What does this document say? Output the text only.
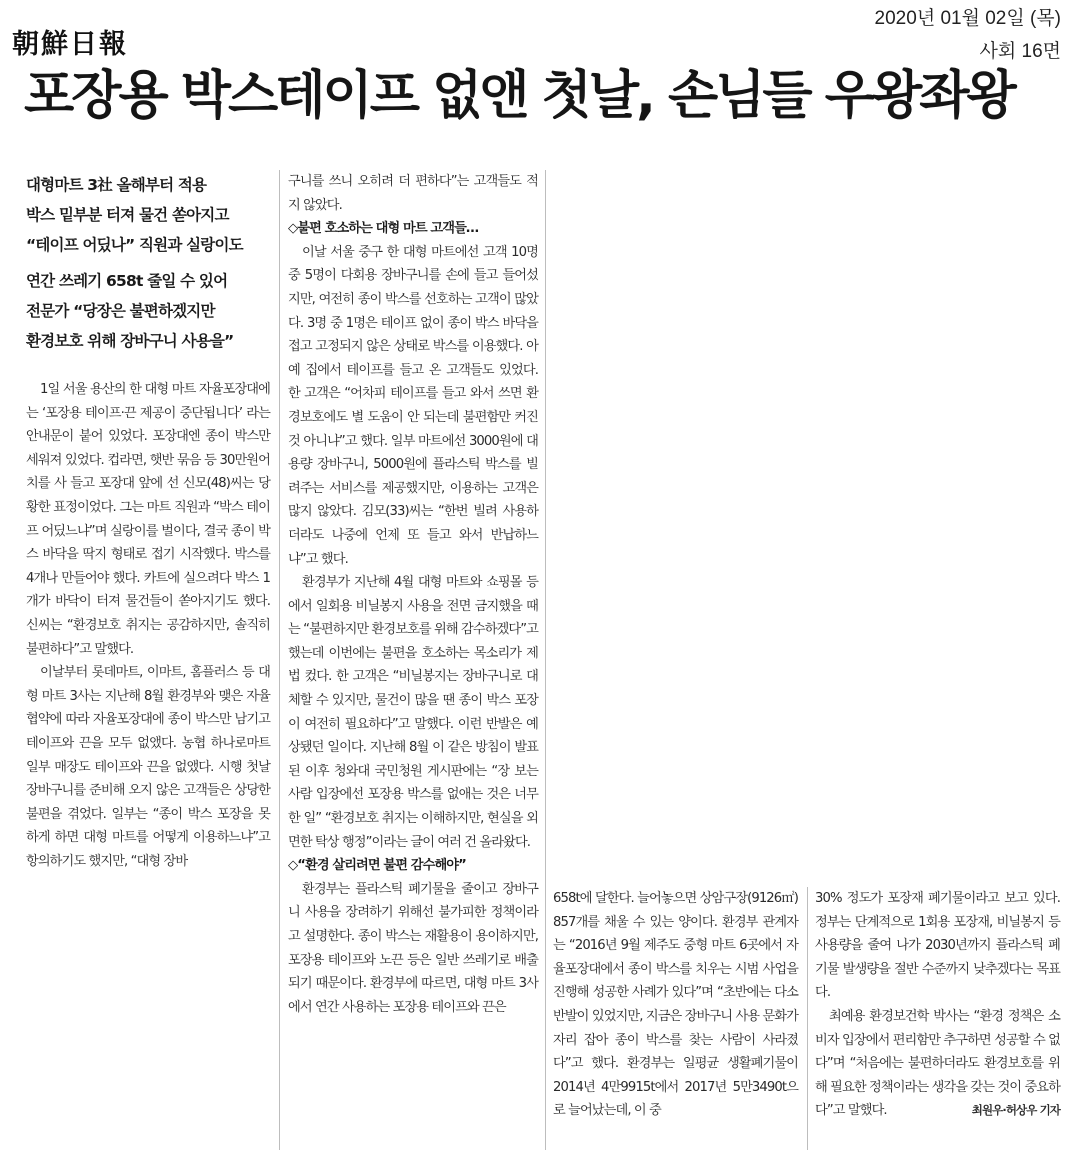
朝鮮日報
2020년 01월 02일 (목)
사회 16면
포장용 박스테이프 없앤 첫날, 손님들 우왕좌왕
대형마트 3社 올해부터 적용
박스 밑부분 터져 물건 쏟아지고
“테이프 어딨나” 직원과 실랑이도
연간 쓰레기 658t 줄일 수 있어
전문가 “당장은 불편하겠지만
환경보호 위해 장바구니 사용을”

1일 서울 용산의 한 대형 마트 자율포장대에는 ‘포장용 테이프·끈 제공이 중단됩니다’ 라는 안내문이 붙어 있었다. 포장대엔 종이 박스만 세워져 있었다. 컵라면, 햇반 묶음 등 30만원어치를 사 들고 포장대 앞에 선 신모(48)씨는 당황한 표정이었다. 그는 마트 직원과 “박스 테이프 어딨느냐”며 실랑이를 벌이다, 결국 종이 박스 바닥을 딱지 형태로 접기 시작했다. 박스를 4개나 만들어야 했다. 카트에 실으려다 박스 1개가 바닥이 터져 물건들이 쏟아지기도 했다. 신씨는 “환경보호 취지는 공감하지만, 솔직히 불편하다”고 말했다.

이날부터 롯데마트, 이마트, 홈플러스 등 대형 마트 3사는 지난해 8월 환경부와 맺은 자율협약에 따라 자율포장대에 종이 박스만 남기고 테이프와 끈을 모두 없앴다. 농협 하나로마트 일부 매장도 테이프와 끈을 없앴다. 시행 첫날 장바구니를 준비해 오지 않은 고객들은 상당한 불편을 겪었다. 일부는 “종이 박스 포장을 못 하게 하면 대형 마트를 어떻게 이용하느냐”고 항의하기도 했지만, “대형 장바

구니를 쓰니 오히려 더 편하다”는 고객들도 적지 않았다.

◇불편 호소하는 대형 마트 고객들…

이날 서울 중구 한 대형 마트에선 고객 10명 중 5명이 다회용 장바구니를 손에 들고 들어섰지만, 여전히 종이 박스를 선호하는 고객이 많았다. 3명 중 1명은 테이프 없이 종이 박스 바닥을 접고 고정되지 않은 상태로 박스를 이용했다. 아예 집에서 테이프를 들고 온 고객들도 있었다. 한 고객은 “어차피 테이프를 들고 와서 쓰면 환경보호에도 별 도움이 안 되는데 불편함만 커진 것 아니냐”고 했다. 일부 마트에선 3000원에 대용량 장바구니, 5000원에 플라스틱 박스를 빌려주는 서비스를 제공했지만, 이용하는 고객은 많지 않았다. 김모(33)씨는 “한번 빌려 사용하더라도 나중에 언제 또 들고 와서 반납하느냐”고 했다.

환경부가 지난해 4월 대형 마트와 쇼핑몰 등에서 일회용 비닐봉지 사용을 전면 금지했을 때는 “불편하지만 환경보호를 위해 감수하겠다”고 했는데 이번에는 불편을 호소하는 목소리가 제법 컸다. 한 고객은 “비닐봉지는 장바구니로 대체할 수 있지만, 물건이 많을 땐 종이 박스 포장이 여전히 필요하다”고 말했다. 이런 반발은 예상됐던 일이다. 지난해 8월 이 같은 방침이 발표된 이후 청와대 국민청원 게시판에는 “장 보는 사람 입장에선 포장용 박스를 없애는 것은 너무한 일” “환경보호 취지는 이해하지만, 현실을 외면한 탁상 행정”이라는 글이 여러 건 올라왔다.

◇“환경 살리려면 불편 감수해야”

환경부는 플라스틱 폐기물을 줄이고 장바구니 사용을 장려하기 위해선 불가피한 정책이라고 설명한다. 종이 박스는 재활용이 용이하지만, 포장용 테이프와 노끈 등은 일반 쓰레기로 배출되기 때문이다. 환경부에 따르면, 대형 마트 3사에서 연간 사용하는 포장용 테이프와 끈은

658t에 달한다. 늘어놓으면 상암구장(9126㎡) 857개를 채울 수 있는 양이다. 환경부 관계자는 “2016년 9월 제주도 중형 마트 6곳에서 자율포장대에서 종이 박스를 치우는 시범 사업을 진행해 성공한 사례가 있다”며 “초반에는 다소 반발이 있었지만, 지금은 장바구니 사용 문화가 자리 잡아 종이 박스를 찾는 사람이 사라졌다”고 했다. 환경부는 일평균 생활폐기물이 2014년 4만9915t에서 2017년 5만3490t으로 늘어났는데, 이 중

30% 정도가 포장재 폐기물이라고 보고 있다. 정부는 단계적으로 1회용 포장재, 비닐봉지 등 사용량을 줄여 나가 2030년까지 플라스틱 폐기물 발생량을 절반 수준까지 낮추겠다는 목표다.

최예용 환경보건학 박사는 “환경 정책은 소비자 입장에서 편리함만 추구하면 성공할 수 없다”며 “처음에는 불편하더라도 환경보호를 위해 필요한 정책이라는 생각을 갖는 것이 중요하다”고 말했다.	최원우·허상우 기자
